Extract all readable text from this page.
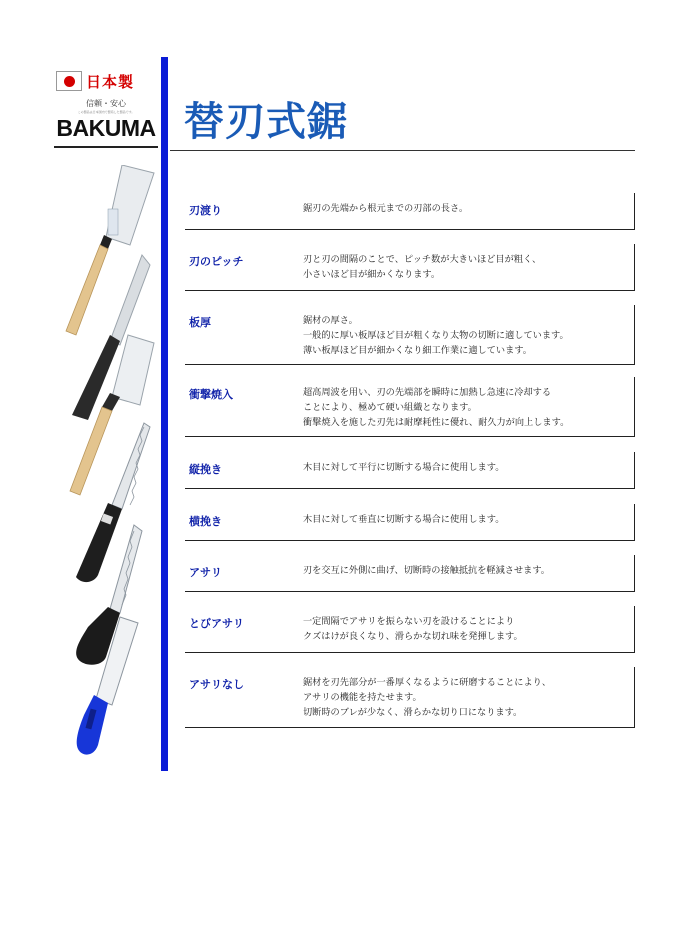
日本製
信頼・安心
この製品は日本国内で製造した製品です。
BAKUMA 替刃式鋸
刃渡り	鋸刃の先端から根元までの刃部の長さ。
刃のピッチ	刃と刃の間隔のことで、ピッチ数が大きいほど目が粗く、
小さいほど目が細かくなります。
板厚	鋸材の厚さ。
一般的に厚い板厚ほど目が粗くなり太物の切断に適しています。
薄い板厚ほど目が細かくなり細工作業に適しています。
衝撃焼入	超高周波を用い、刃の先端部を瞬時に加熱し急速に冷却する
ことにより、極めて硬い組織となります。
衝撃焼入を施した刃先は耐摩耗性に優れ、耐久力が向上します。
縦挽き	木目に対して平行に切断する場合に使用します。
横挽き	木目に対して垂直に切断する場合に使用します。
アサリ	刃を交互に外側に曲げ、切断時の接触抵抗を軽減させます。
とびアサリ	一定間隔でアサリを振らない刃を設けることにより
クズはけが良くなり、滑らかな切れ味を発揮します。
アサリなし	鋸材を刃先部分が一番厚くなるように研磨することにより、
アサリの機能を持たせます。
切断時のブレが少なく、滑らかな切り口になります。
